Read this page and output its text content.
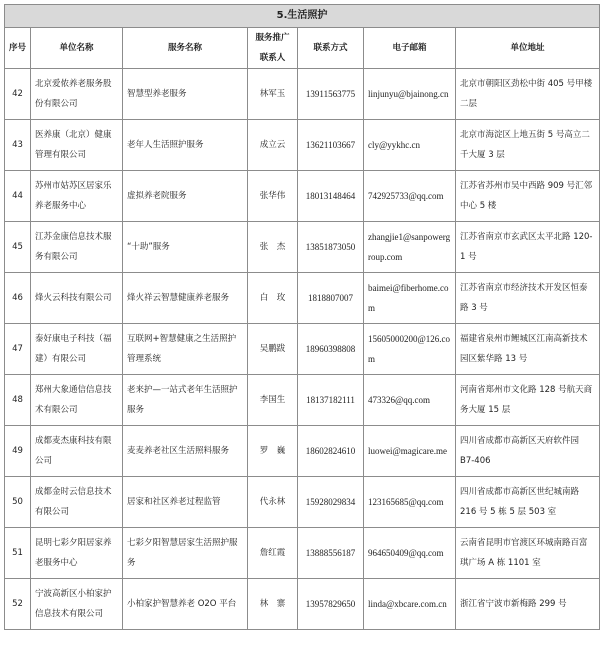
5.生活照护						
序号	单位名称	服务名称	服务推广联系人	联系方式	电子邮箱	单位地址
42	北京爱侬养老服务股份有限公司	智慧型养老服务	林军玉	13911563775	linjunyu@bjainong.cn	北京市朝阳区劲松中街 405 号甲楼二层
43	医养康（北京）健康管理有限公司	老年人生活照护服务	成立云	13621103667	cly@yykhc.cn	北京市海淀区上地五街 5 号高立二千大厦 3 层
44	苏州市姑苏区居家乐养老服务中心	虚拟养老院服务	张华伟	18013148464	742925733@qq.com	江苏省苏州市吴中西路 909 号汇邻中心 5 楼
45	江苏金康信息技术服务有限公司	“十助”服务	张　杰	13851873050	zhangjie1@sanpowergroup.com	江苏省南京市玄武区太平北路 120-1 号
46	烽火云科技有限公司	烽火祥云智慧健康养老服务	白　玫	1818807007	baimei@fiberhome.com	江苏省南京市经济技术开发区恒泰路 3 号
47	泰好康电子科技（福建）有限公司	互联网+智慧健康之生活照护管理系统	吴鹏跋	18960398808	15605000200@126.com	福建省泉州市鲤城区江南高新技术园区紫华路 13 号
48	郑州大象通信信息技术有限公司	老来护—一站式老年生活照护服务	李国生	18137182111	473326@qq.com	河南省郑州市文化路 128 号航天商务大厦 15 层
49	成都麦杰康科技有限公司	麦麦养老社区生活照料服务	罗　巍	18602824610	luowei@magicare.me	四川省成都市高新区天府软件园 B7-406
50	成都金时云信息技术有限公司	居家和社区养老过程监管	代永林	15928029834	123165685@qq.com	四川省成都市高新区世纪城南路 216 号 5 栋 5 层 503 室
51	昆明七彩夕阳居家养老服务中心	七彩夕阳智慧居家生活照护服务	詹红霞	13888556187	964650409@qq.com	云南省昆明市官渡区环城南路百富琪广场 A 栋 1101 室
52	宁波高新区小柏家护信息技术有限公司	小柏家护智慧养老 O2O 平台	林　寨	13957829650	linda@xbcare.com.cn	浙江省宁波市新梅路 299 号
